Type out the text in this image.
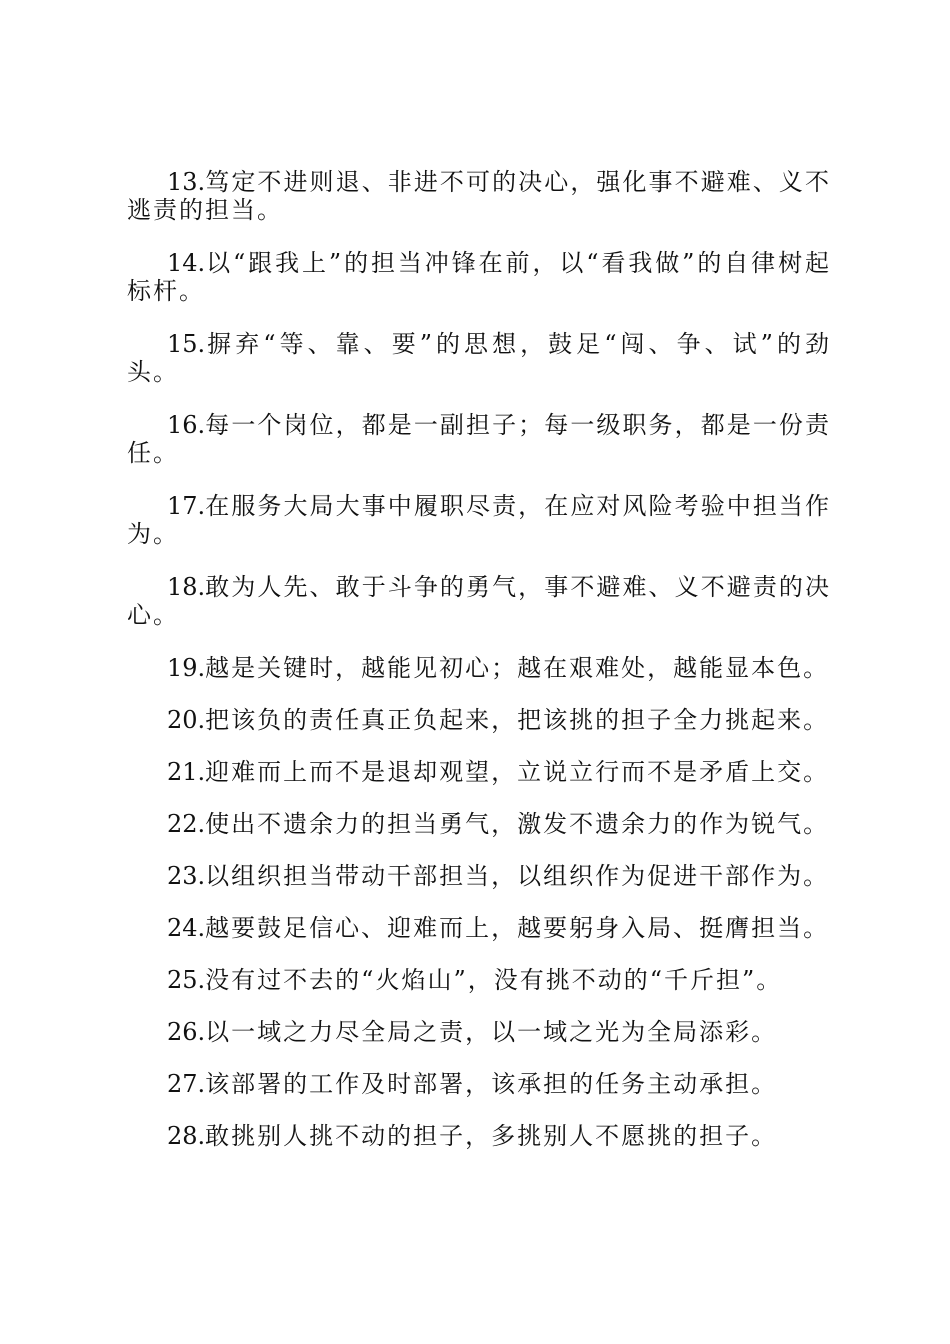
13.笃定不进则退、非进不可的决心，强化事不避难、义不逃责的担当。

14.以“跟我上”的担当冲锋在前，以“看我做”的自律树起标杆。

15.摒弃“等、靠、要”的思想，鼓足“闯、争、试”的劲头。

16.每一个岗位，都是一副担子；每一级职务，都是一份责任。

17.在服务大局大事中履职尽责，在应对风险考验中担当作为。

18.敢为人先、敢于斗争的勇气，事不避难、义不避责的决心。

19.越是关键时，越能见初心；越在艰难处，越能显本色。

20.把该负的责任真正负起来，把该挑的担子全力挑起来。

21.迎难而上而不是退却观望，立说立行而不是矛盾上交。

22.使出不遗余力的担当勇气，激发不遗余力的作为锐气。

23.以组织担当带动干部担当，以组织作为促进干部作为。

24.越要鼓足信心、迎难而上，越要躬身入局、挺膺担当。

25.没有过不去的“火焰山”，没有挑不动的“千斤担”。

26.以一域之力尽全局之责，以一域之光为全局添彩。

27.该部署的工作及时部署，该承担的任务主动承担。

28.敢挑别人挑不动的担子，多挑别人不愿挑的担子。
